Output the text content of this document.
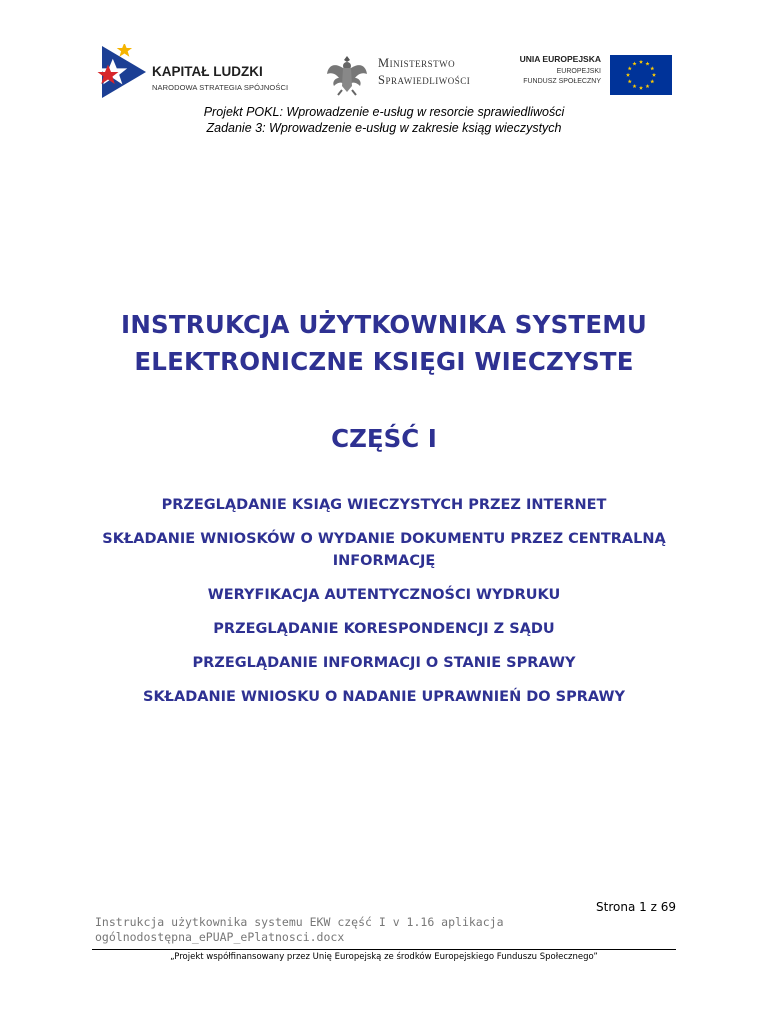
KAPITAŁ LUDZKI
NARODOWA STRATEGIA SPÓJNOŚCI
Ministerstwo
Sprawiedliwości
UNIA EUROPEJSKA
EUROPEJSKI
FUNDUSZ SPOŁECZNY
Projekt POKL: Wprowadzenie e-usług w resorcie sprawiedliwości
Zadanie 3: Wprowadzenie e-usług w zakresie ksiąg wieczystych
INSTRUKCJA UŻYTKOWNIKA SYSTEMU
ELEKTRONICZNE KSIĘGI WIECZYSTE
CZĘŚĆ I
PRZEGLĄDANIE KSIĄG WIECZYSTYCH PRZEZ INTERNET
SKŁADANIE WNIOSKÓW O WYDANIE DOKUMENTU PRZEZ CENTRALNĄ INFORMACJĘ
WERYFIKACJA AUTENTYCZNOŚCI WYDRUKU
PRZEGLĄDANIE KORESPONDENCJI Z SĄDU
PRZEGLĄDANIE INFORMACJI O STANIE SPRAWY
SKŁADANIE WNIOSKU O NADANIE UPRAWNIEŃ DO SPRAWY
Strona 1 z 69
Instrukcja użytkownika systemu EKW część I v 1.16 aplikacja
ogólnodostępna_ePUAP_ePlatnosci.docx
„Projekt współfinansowany przez Unię Europejską ze środków Europejskiego Funduszu Społecznego”
